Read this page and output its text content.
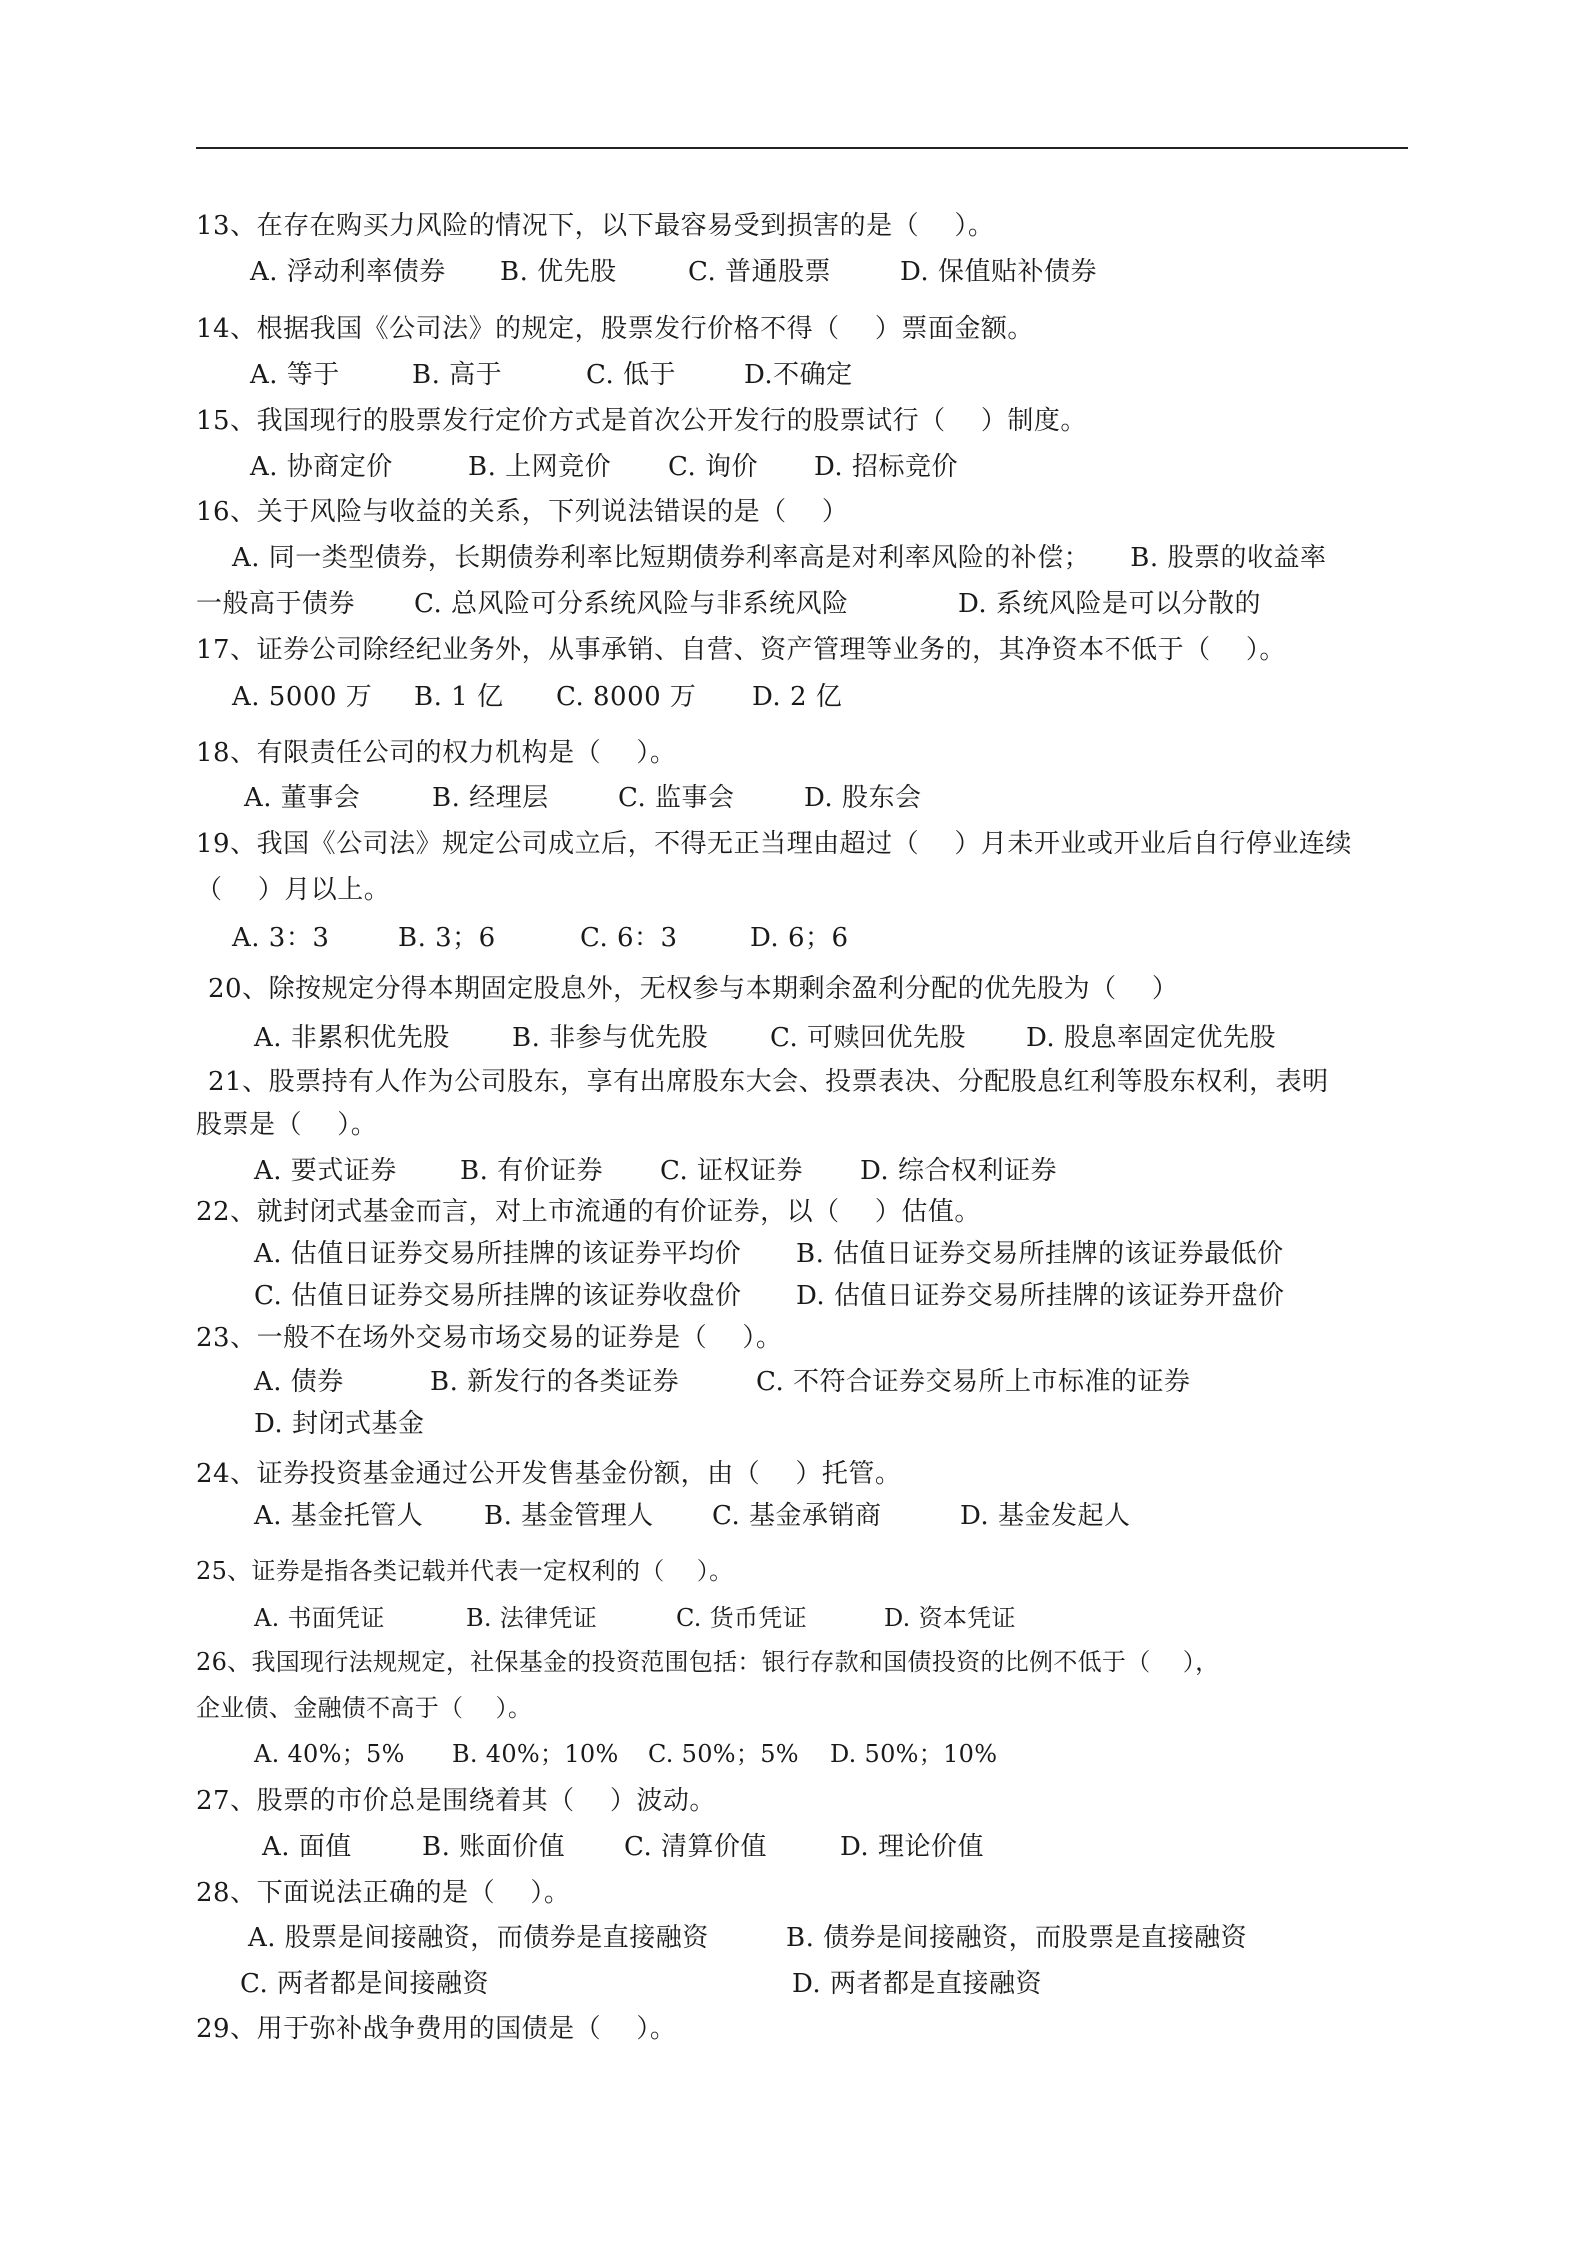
13、在存在购买力风险的情况下，以下最容易受到损害的是（　 ）。
A. 浮动利率债券 B. 优先股	C. 普通股票	D. 保值贴补债券
14、根据我国《公司法》的规定，股票发行价格不得（　 ）票面金额。
A. 等于	B. 高于	C. 低于	D.不确定
15、我国现行的股票发行定价方式是首次公开发行的股票试行（　 ）制度。
A. 协商定价	B. 上网竞价 C. 询价 D. 招标竞价
16、关于风险与收益的关系，下列说法错误的是（　 ）
A. 同一类型债券，长期债券利率比短期债券利率高是对利率风险的补偿；　　B. 股票的收益率
一般高于债券 C. 总风险可分系统风险与非系统风险	D. 系统风险是可以分散的
17、证券公司除经纪业务外，从事承销、自营、资产管理等业务的，其净资本不低于（　 ）。
A. 5000 万 B. 1 亿 C. 8000 万 D. 2 亿
18、有限责任公司的权力机构是（　 ）。
A. 董事会	B. 经理层	C. 监事会	D. 股东会
19、我国《公司法》规定公司成立后，不得无正当理由超过（　 ）月未开业或开业后自行停业连续
（　 ）月以上。
A. 3：3	B. 3；6	C. 6：3	D. 6；6
20、除按规定分得本期固定股息外，无权参与本期剩余盈利分配的优先股为（　 ）
A. 非累积优先股 B. 非参与优先股 C. 可赎回优先股 D. 股息率固定优先股
21、股票持有人作为公司股东，享有出席股东大会、投票表决、分配股息红利等股东权利，表明
股票是（　 ）。
A. 要式证券 B. 有价证券 C. 证权证券 D. 综合权利证券
22、就封闭式基金而言，对上市流通的有价证券，以（　 ）估值。
A. 估值日证券交易所挂牌的该证券平均价 B. 估值日证券交易所挂牌的该证券最低价
C. 估值日证券交易所挂牌的该证券收盘价 D. 估值日证券交易所挂牌的该证券开盘价
23、一般不在场外交易市场交易的证券是（　 ）。
A. 债券	B. 新发行的各类证券	C. 不符合证券交易所上市标准的证券
D. 封闭式基金
24、证券投资基金通过公开发售基金份额，由（　 ）托管。
A. 基金托管人 B. 基金管理人 C. 基金承销商	D. 基金发起人
25、证券是指各类记载并代表一定权利的（　 ）。
A. 书面凭证	B. 法律凭证	C. 货币凭证	D. 资本凭证
26、我国现行法规规定，社保基金的投资范围包括：银行存款和国债投资的比例不低于（　 ），
企业债、金融债不高于（　 ）。
A. 40%；5% B. 40%；10% C. 50%；5% D. 50%；10%
27、股票的市价总是围绕着其（　 ）波动。
A. 面值	B. 账面价值 C. 清算价值	D. 理论价值
28、下面说法正确的是（　 ）。
A. 股票是间接融资，而债券是直接融资	B. 债券是间接融资，而股票是直接融资
C. 两者都是间接融资	D. 两者都是直接融资
29、用于弥补战争费用的国债是（　 ）。
